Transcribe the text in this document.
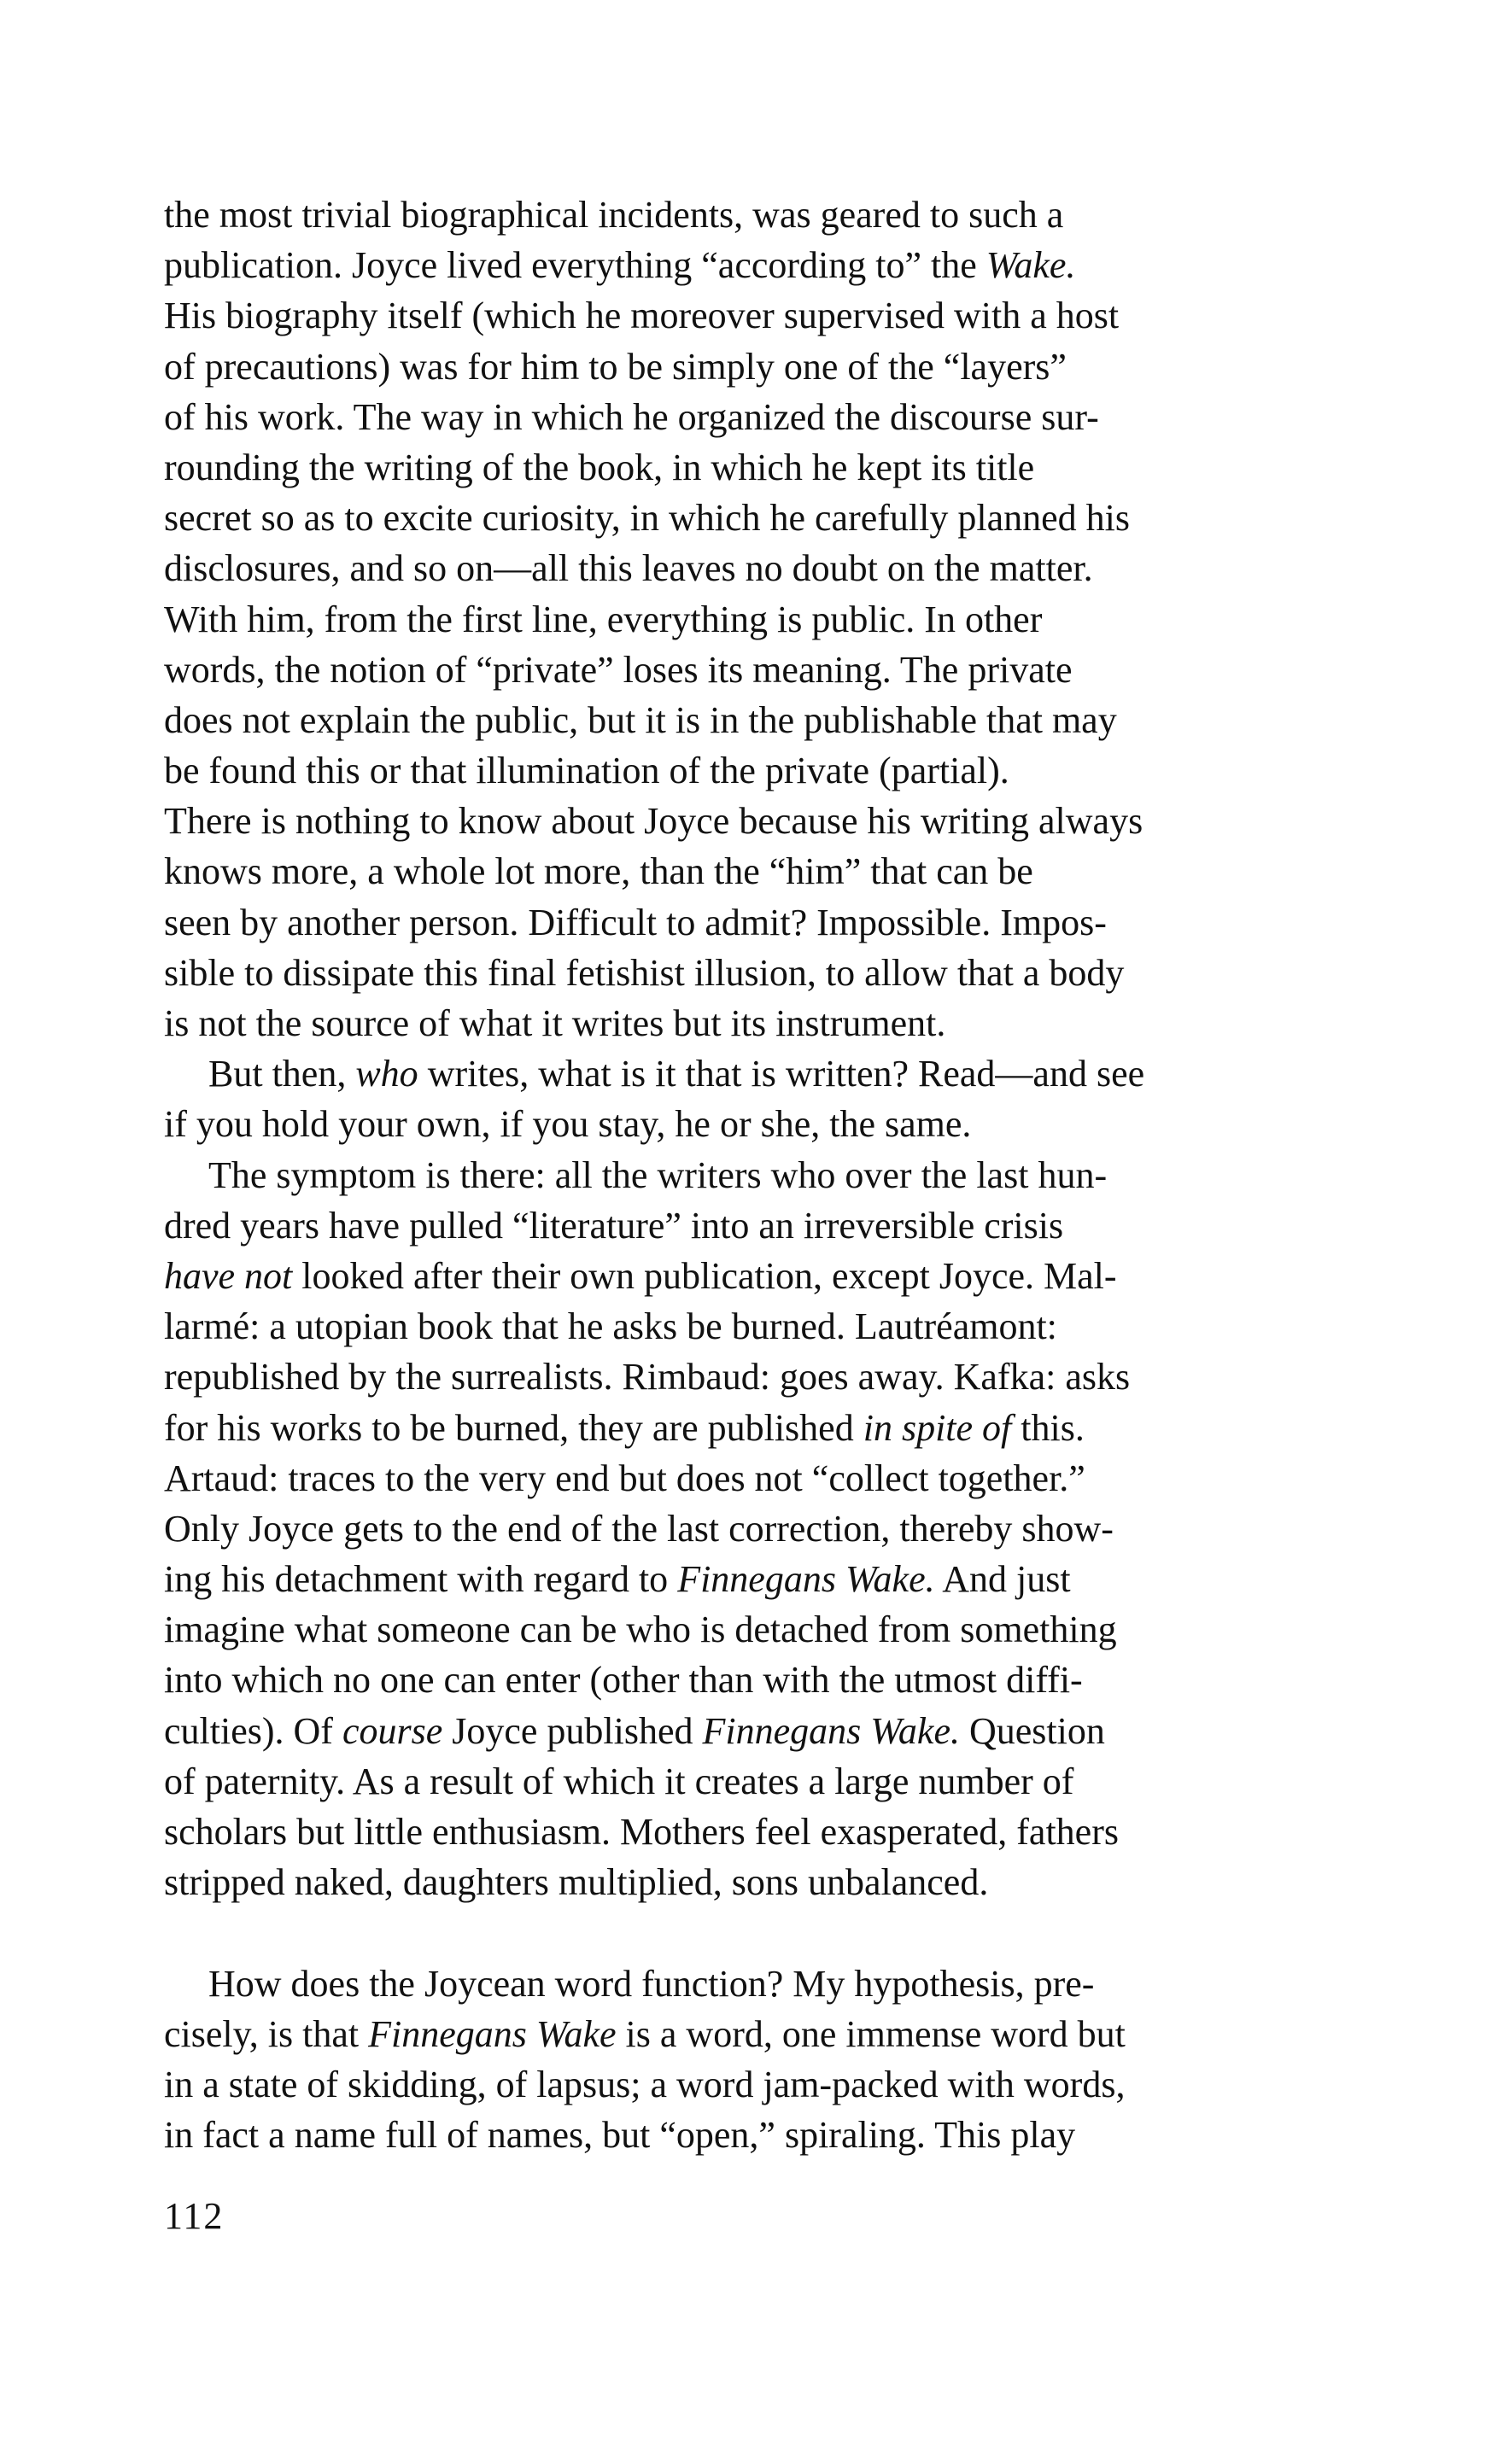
the most trivial biographical incidents, was geared to such a
publication. Joyce lived everything “according to” the Wake.
His biography itself (which he moreover supervised with a host
of precautions) was for him to be simply one of the “layers”
of his work. The way in which he organized the discourse sur-
rounding the writing of the book, in which he kept its title
secret so as to excite curiosity, in which he carefully planned his
disclosures, and so on—all this leaves no doubt on the matter.
With him, from the first line, everything is public. In other
words, the notion of “private” loses its meaning. The private
does not explain the public, but it is in the publishable that may
be found this or that illumination of the private (partial).
There is nothing to know about Joyce because his writing always
knows more, a whole lot more, than the “him” that can be
seen by another person. Difficult to admit? Impossible. Impos-
sible to dissipate this final fetishist illusion, to allow that a body
is not the source of what it writes but its instrument.
But then, who writes, what is it that is written? Read—and see
if you hold your own, if you stay, he or she, the same.
The symptom is there: all the writers who over the last hun-
dred years have pulled “literature” into an irreversible crisis
have not looked after their own publication, except Joyce. Mal-
larmé: a utopian book that he asks be burned. Lautréamont:
republished by the surrealists. Rimbaud: goes away. Kafka: asks
for his works to be burned, they are published in spite of this.
Artaud: traces to the very end but does not “collect together.”
Only Joyce gets to the end of the last correction, thereby show-
ing his detachment with regard to Finnegans Wake. And just
imagine what someone can be who is detached from something
into which no one can enter (other than with the utmost diffi-
culties). Of course Joyce published Finnegans Wake. Question
of paternity. As a result of which it creates a large number of
scholars but little enthusiasm. Mothers feel exasperated, fathers
stripped naked, daughters multiplied, sons unbalanced.
How does the Joycean word function? My hypothesis, pre-
cisely, is that Finnegans Wake is a word, one immense word but
in a state of skidding, of lapsus; a word jam-packed with words,
in fact a name full of names, but “open,” spiraling. This play
112
